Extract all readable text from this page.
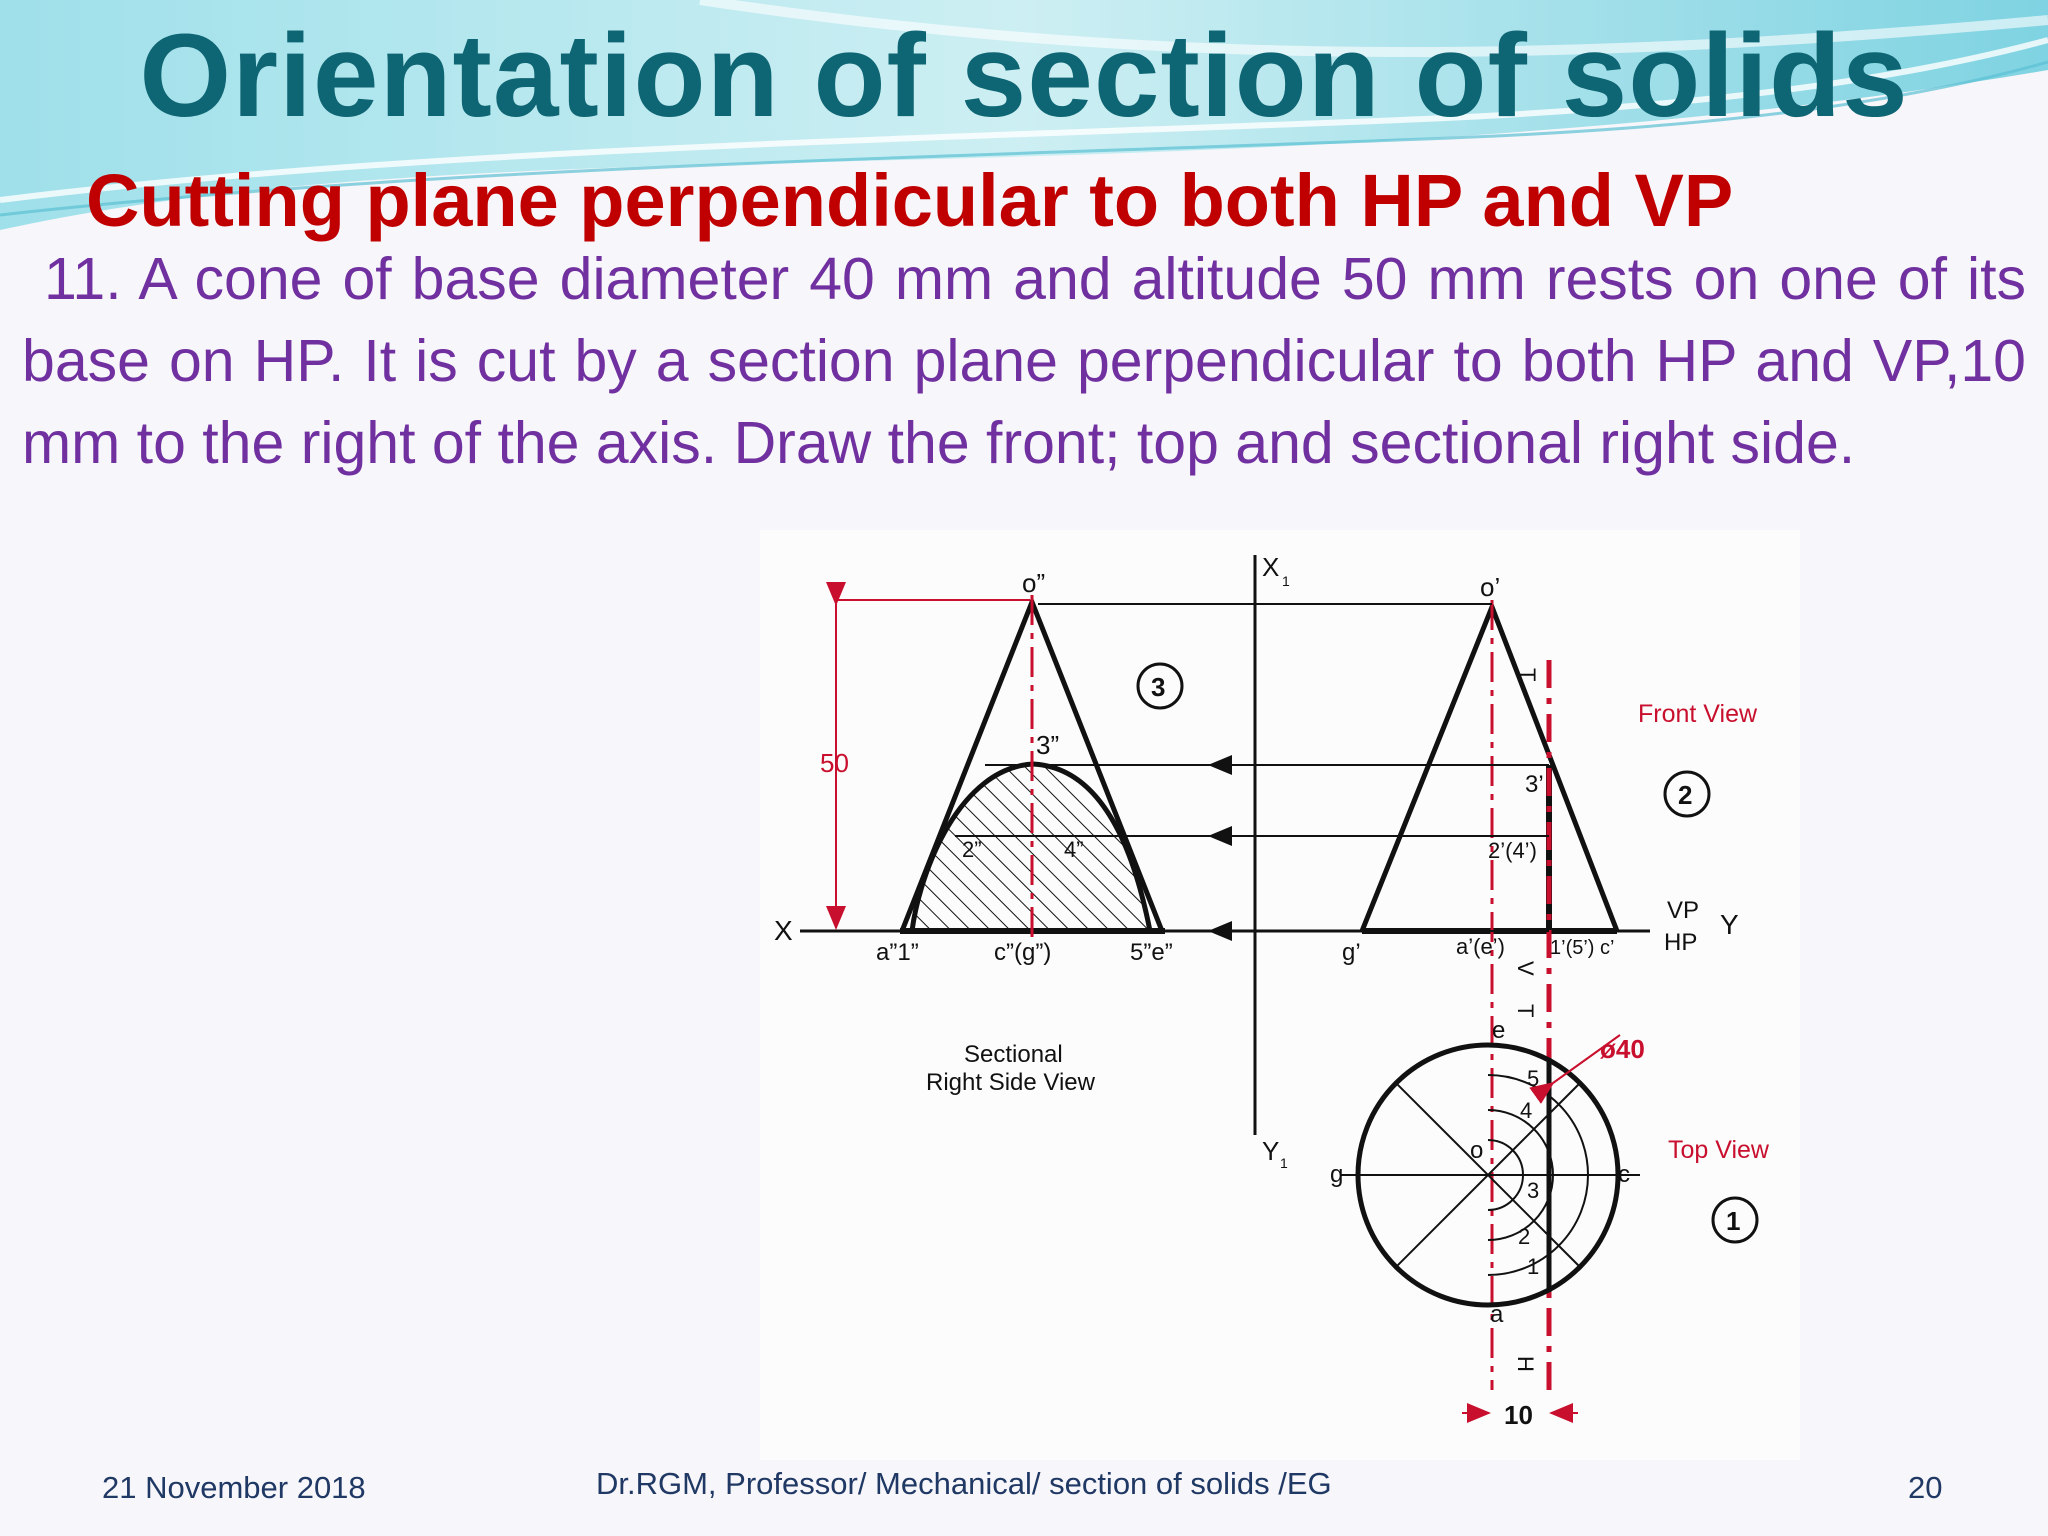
Orientation of section of solids
Cutting plane perpendicular to both HP and VP

11. A cone of base diameter 40 mm and altitude 50 mm rests on one of its base on HP. It is cut by a section plane perpendicular to both HP and VP,10 mm to the right of the axis. Draw the front; top and sectional right side.

o”	o’
X 1
Y 1
3
2
1
Front View
Top View
50
3”
3’
2”	4”	2’(4’)
X
VP
HP
Y
a”1”	c”(g”)	5”e”	g’	a’(e’) 1’(5’) c’
Sectional
Right Side View
V
T
T
H
e
g
o
c
a
5
4
3
2
1
ø40
10

21 November 2018	Dr.RGM, Professor/ Mechanical/ section of solids /EG	20
